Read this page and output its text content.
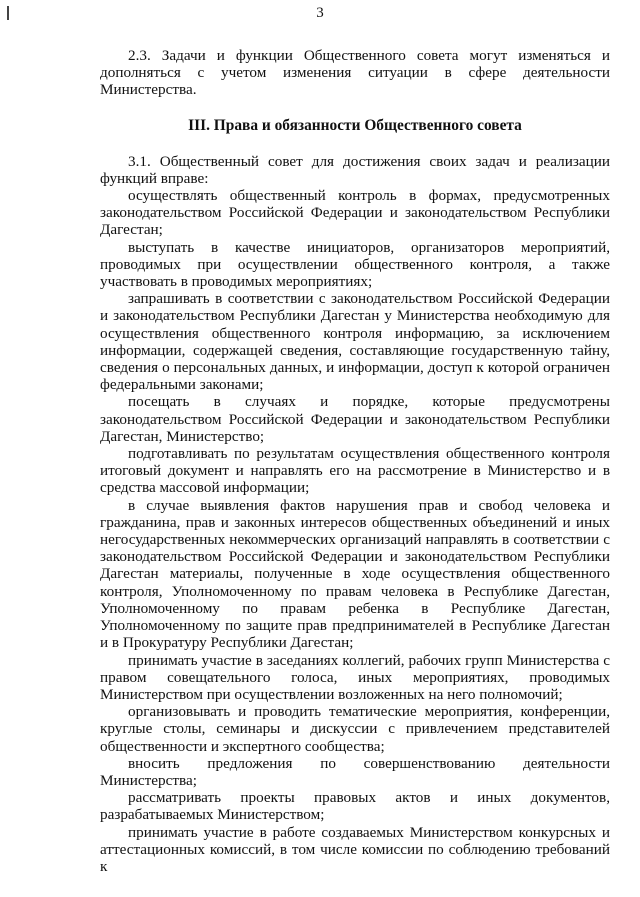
3

2.3. Задачи и функции Общественного совета могут изменяться и дополняться с учетом изменения ситуации в сфере деятельности Министерства.

III. Права и обязанности Общественного совета

3.1. Общественный совет для достижения своих задач и реализации функций вправе:

осуществлять общественный контроль в формах, предусмотренных законодательством Российской Федерации и законодательством Республики Дагестан;

выступать в качестве инициаторов, организаторов мероприятий, проводимых при осуществлении общественного контроля, а также участвовать в проводимых мероприятиях;

запрашивать в соответствии с законодательством Российской Федерации и законодательством Республики Дагестан у Министерства необходимую для осуществления общественного контроля информацию, за исключением информации, содержащей сведения, составляющие государственную тайну, сведения о персональных данных, и информации, доступ к которой ограничен федеральными законами;

посещать в случаях и порядке, которые предусмотрены законодательством Российской Федерации и законодательством Республики Дагестан, Министерство;

подготавливать по результатам осуществления общественного контроля итоговый документ и направлять его на рассмотрение в Министерство и в средства массовой информации;

в случае выявления фактов нарушения прав и свобод человека и гражданина, прав и законных интересов общественных объединений и иных негосударственных некоммерческих организаций направлять в соответствии с законодательством Российской Федерации и законодательством Республики Дагестан материалы, полученные в ходе осуществления общественного контроля, Уполномоченному по правам человека в Республике Дагестан, Уполномоченному по правам ребенка в Республике Дагестан, Уполномоченному по защите прав предпринимателей в Республике Дагестан и в Прокуратуру Республики Дагестан;

принимать участие в заседаниях коллегий, рабочих групп Министерства с правом совещательного голоса, иных мероприятиях, проводимых Министерством при осуществлении возложенных на него полномочий;

организовывать и проводить тематические мероприятия, конференции, круглые столы, семинары и дискуссии с привлечением представителей общественности и экспертного сообщества;

вносить предложения по совершенствованию деятельности Министерства;

рассматривать проекты правовых актов и иных документов, разрабатываемых Министерством;

принимать участие в работе создаваемых Министерством конкурсных и аттестационных комиссий, в том числе комиссии по соблюдению требований к
